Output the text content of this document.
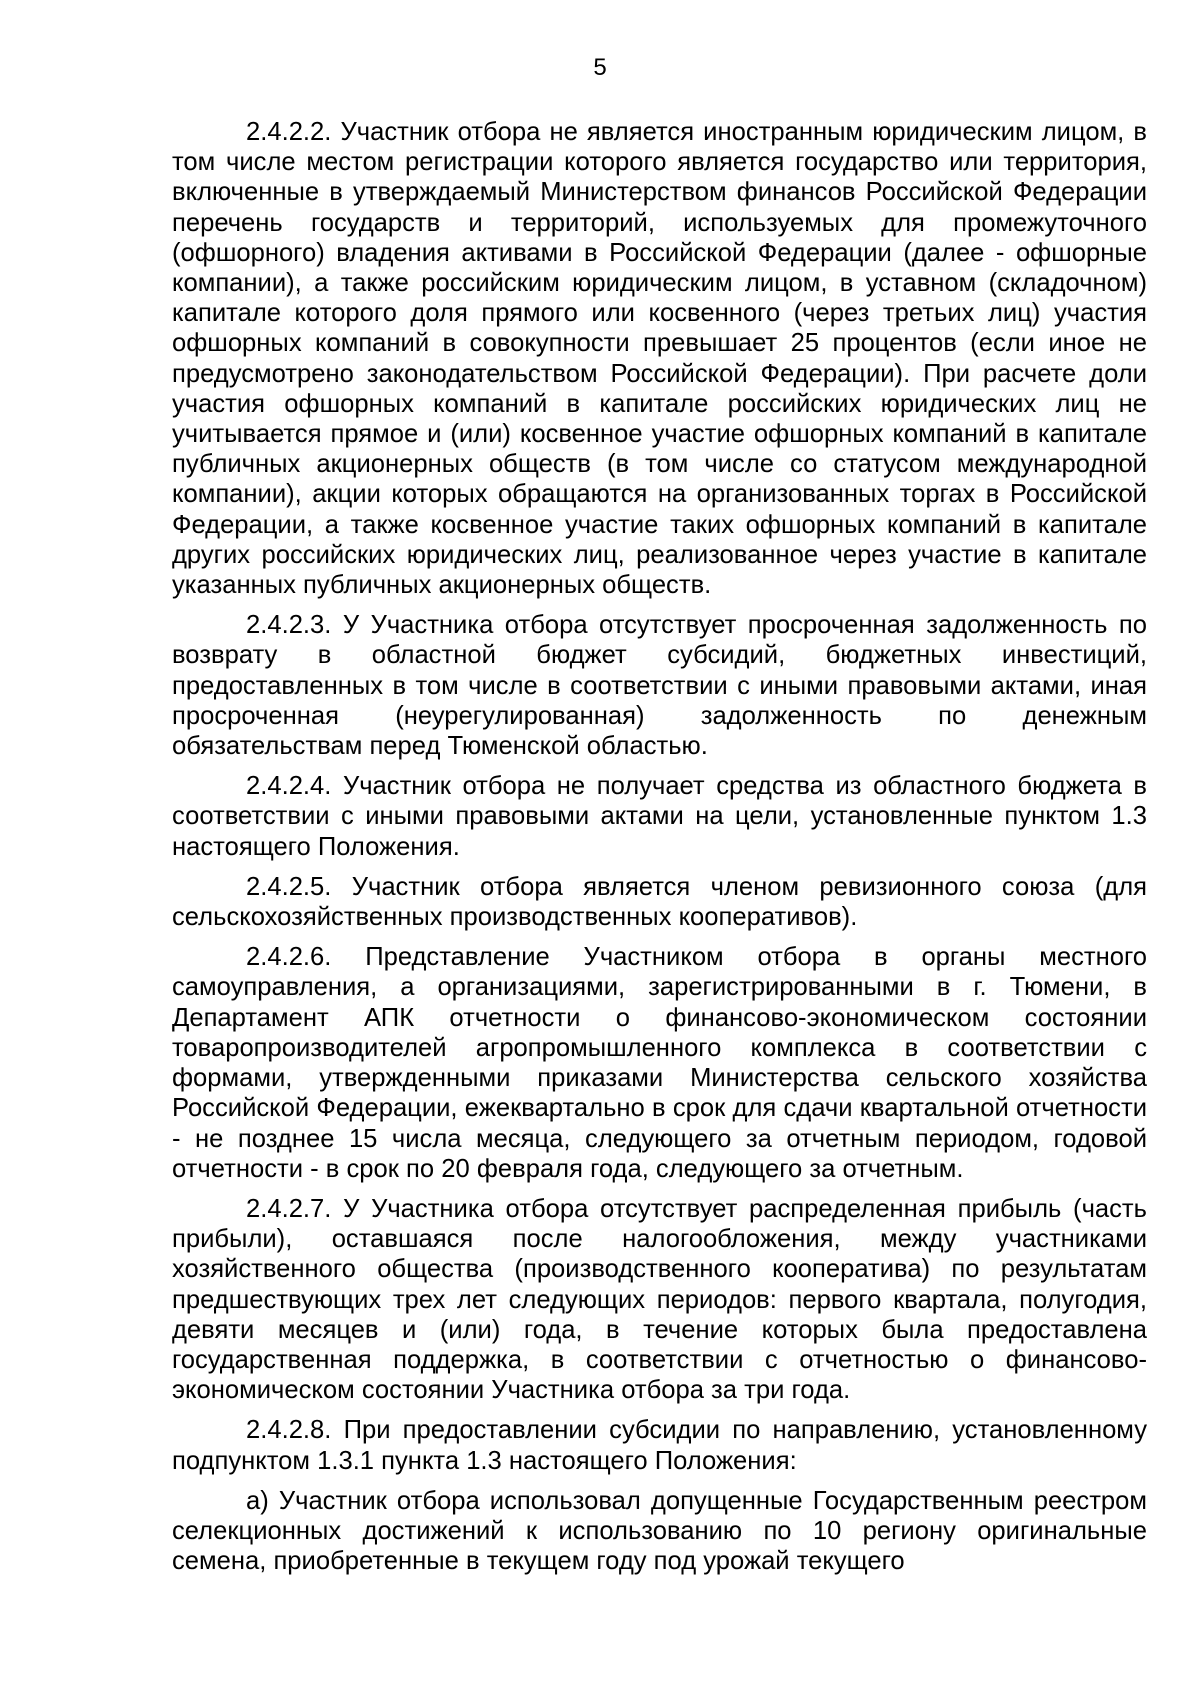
5

2.4.2.2. Участник отбора не является иностранным юридическим лицом, в том числе местом регистрации которого является государство или территория, включенные в утверждаемый Министерством финансов Российской Федерации перечень государств и территорий, используемых для промежуточного (офшорного) владения активами в Российской Федерации (далее - офшорные компании), а также российским юридическим лицом, в уставном (складочном) капитале которого доля прямого или косвенного (через третьих лиц) участия офшорных компаний в совокупности превышает 25 процентов (если иное не предусмотрено законодательством Российской Федерации). При расчете доли участия офшорных компаний в капитале российских юридических лиц не учитывается прямое и (или) косвенное участие офшорных компаний в капитале публичных акционерных обществ (в том числе со статусом международной компании), акции которых обращаются на организованных торгах в Российской Федерации, а также косвенное участие таких офшорных компаний в капитале других российских юридических лиц, реализованное через участие в капитале указанных публичных акционерных обществ.

2.4.2.3. У Участника отбора отсутствует просроченная задолженность по возврату в областной бюджет субсидий, бюджетных инвестиций, предоставленных в том числе в соответствии с иными правовыми актами, иная просроченная (неурегулированная) задолженность по денежным обязательствам перед Тюменской областью.

2.4.2.4. Участник отбора не получает средства из областного бюджета в соответствии с иными правовыми актами на цели, установленные пунктом 1.3 настоящего Положения.

2.4.2.5. Участник отбора является членом ревизионного союза (для сельскохозяйственных производственных кооперативов).

2.4.2.6. Представление Участником отбора в органы местного самоуправления, а организациями, зарегистрированными в г. Тюмени, в Департамент АПК отчетности о финансово-экономическом состоянии товаропроизводителей агропромышленного комплекса в соответствии с формами, утвержденными приказами Министерства сельского хозяйства Российской Федерации, ежеквартально в срок для сдачи квартальной отчетности - не позднее 15 числа месяца, следующего за отчетным периодом, годовой отчетности - в срок по 20 февраля года, следующего за отчетным.

2.4.2.7. У Участника отбора отсутствует распределенная прибыль (часть прибыли), оставшаяся после налогообложения, между участниками хозяйственного общества (производственного кооператива) по результатам предшествующих трех лет следующих периодов: первого квартала, полугодия, девяти месяцев и (или) года, в течение которых была предоставлена государственная поддержка, в соответствии с отчетностью о финансово-экономическом состоянии Участника отбора за три года.

2.4.2.8. При предоставлении субсидии по направлению, установленному подпунктом 1.3.1 пункта 1.3 настоящего Положения:

а) Участник отбора использовал допущенные Государственным реестром селекционных достижений к использованию по 10 региону оригинальные семена, приобретенные в текущем году под урожай текущего
